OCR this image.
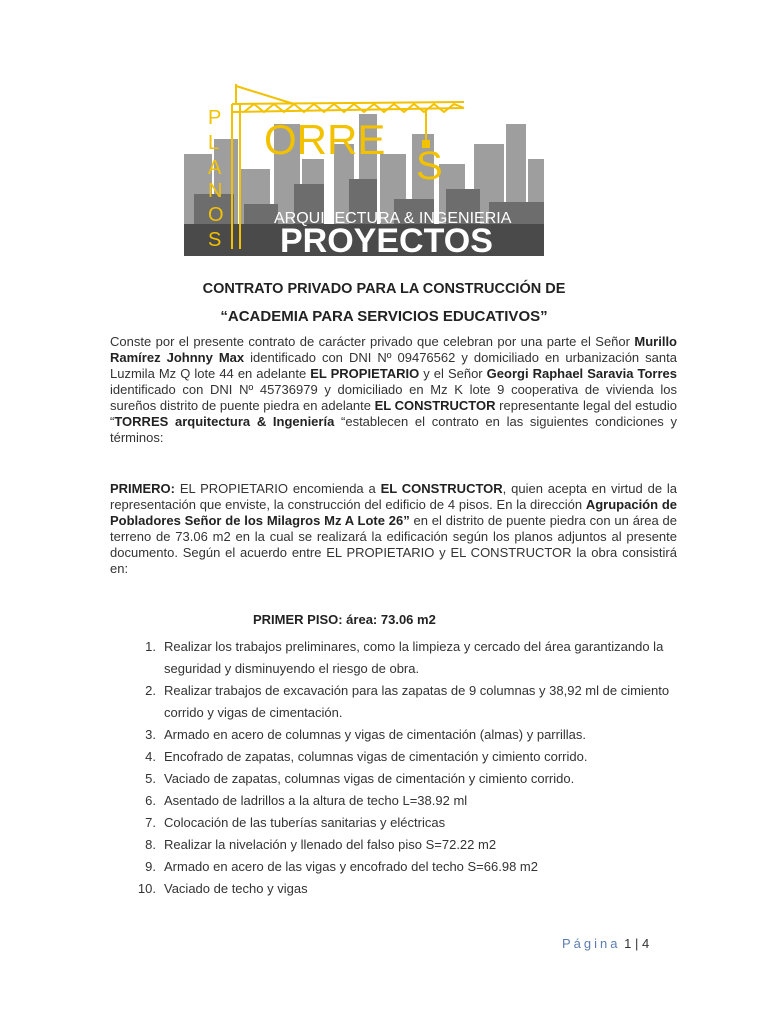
P
L
A
N
O
S
ORRE
S
ARQUITECTURA & INGENIERIA
PROYECTOS
CONTRATO PRIVADO PARA LA CONSTRUCCIÓN DE
“ACADEMIA PARA SERVICIOS EDUCATIVOS”
Conste por el presente contrato de carácter privado que celebran por una parte el Señor Murillo Ramírez Johnny Max identificado con DNI Nº 09476562 y domiciliado en urbanización santa Luzmila Mz Q lote 44 en adelante EL PROPIETARIO y el Señor Georgi Raphael Saravia Torres identificado con DNI Nº 45736979 y domiciliado en Mz K lote 9 cooperativa de vivienda los sureños distrito de puente piedra en adelante EL CONSTRUCTOR representante legal del estudio “TORRES arquitectura & Ingeniería “establecen el contrato en las siguientes condiciones y términos:
PRIMERO: EL PROPIETARIO encomienda a EL CONSTRUCTOR, quien acepta en virtud de la representación que enviste, la construcción del edificio de 4 pisos. En la dirección Agrupación de Pobladores Señor de los Milagros Mz A Lote 26” en el distrito de puente piedra con un área de terreno de 73.06 m2 en la cual se realizará la edificación según los planos adjuntos al presente documento. Según el acuerdo entre EL PROPIETARIO y EL CONSTRUCTOR la obra consistirá en:
PRIMER PISO: área: 73.06 m2
1. Realizar los trabajos preliminares, como la limpieza y cercado del área garantizando la
seguridad y disminuyendo el riesgo de obra.
2. Realizar trabajos de excavación para las zapatas de 9 columnas y 38,92 ml de cimiento
corrido y vigas de cimentación.
3. Armado en acero de columnas y vigas de cimentación (almas) y parrillas.
4. Encofrado de zapatas, columnas vigas de cimentación y cimiento corrido.
5. Vaciado de zapatas, columnas vigas de cimentación y cimiento corrido.
6. Asentado de ladrillos a la altura de techo L=38.92 ml
7. Colocación de las tuberías sanitarias y eléctricas
8. Realizar la nivelación y llenado del falso piso S=72.22 m2
9. Armado en acero de las vigas y encofrado del techo S=66.98 m2
10. Vaciado de techo y vigas
Página 1 | 4
